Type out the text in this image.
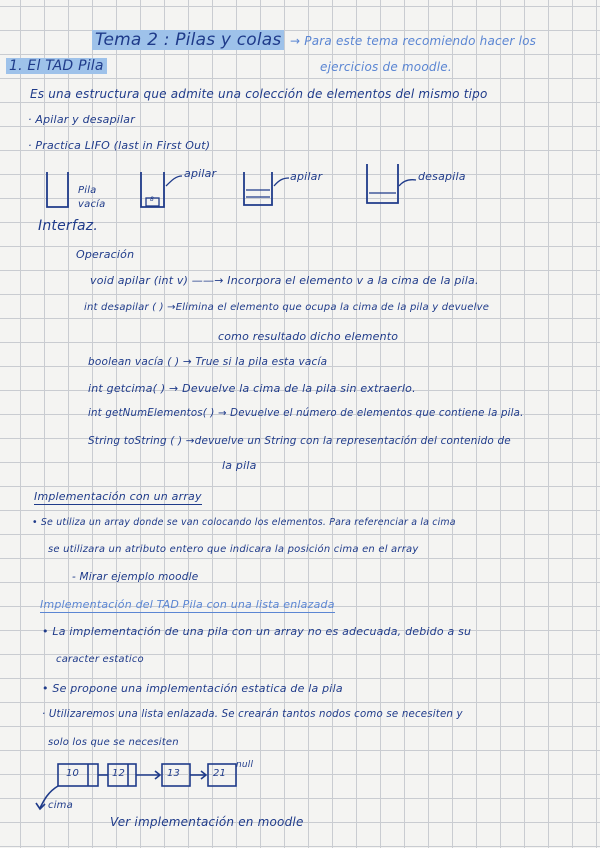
Tema 2 : Pilas y colas → Para este tema recomiendo hacer los
ejercicios de moodle.
1. El TAD Pila
Es una estructura que admite una colección de elementos del mismo tipo
· Apilar y desapilar
· Practica LIFO (last in First Out)
Pila
vacía	8
apilar	apilar	desapila
Interfaz.
Operación
void apilar (int v) ——→ Incorpora el elemento v a la cima de la pila.
int desapilar ( ) →Elimina el elemento que ocupa la cima de la pila y devuelve
como resultado dicho elemento
boolean vacía ( ) → True si la pila esta vacía
int getcima( ) → Devuelve la cima de la pila sin extraerlo.
int getNumElementos( ) → Devuelve el número de elementos que contiene la pila.
String toString ( ) →devuelve un String con la representación del contenido de
la pila
Implementación con un array
• Se utiliza un array donde se van colocando los elementos. Para referenciar a la cima
se utilizara un atributo entero que indicara la posición cima en el array
- Mirar ejemplo moodle
Implementación del TAD Pila con una lista enlazada
• La implementación de una pila con un array no es adecuada, debido a su
caracter estatico
• Se propone una implementación estatica de la pila
· Utilizaremos una lista enlazada. Se crearán tantos nodos como se necesiten y
solo los que se necesiten
10	12	13	21
null
cima
Ver implementación en moodle
